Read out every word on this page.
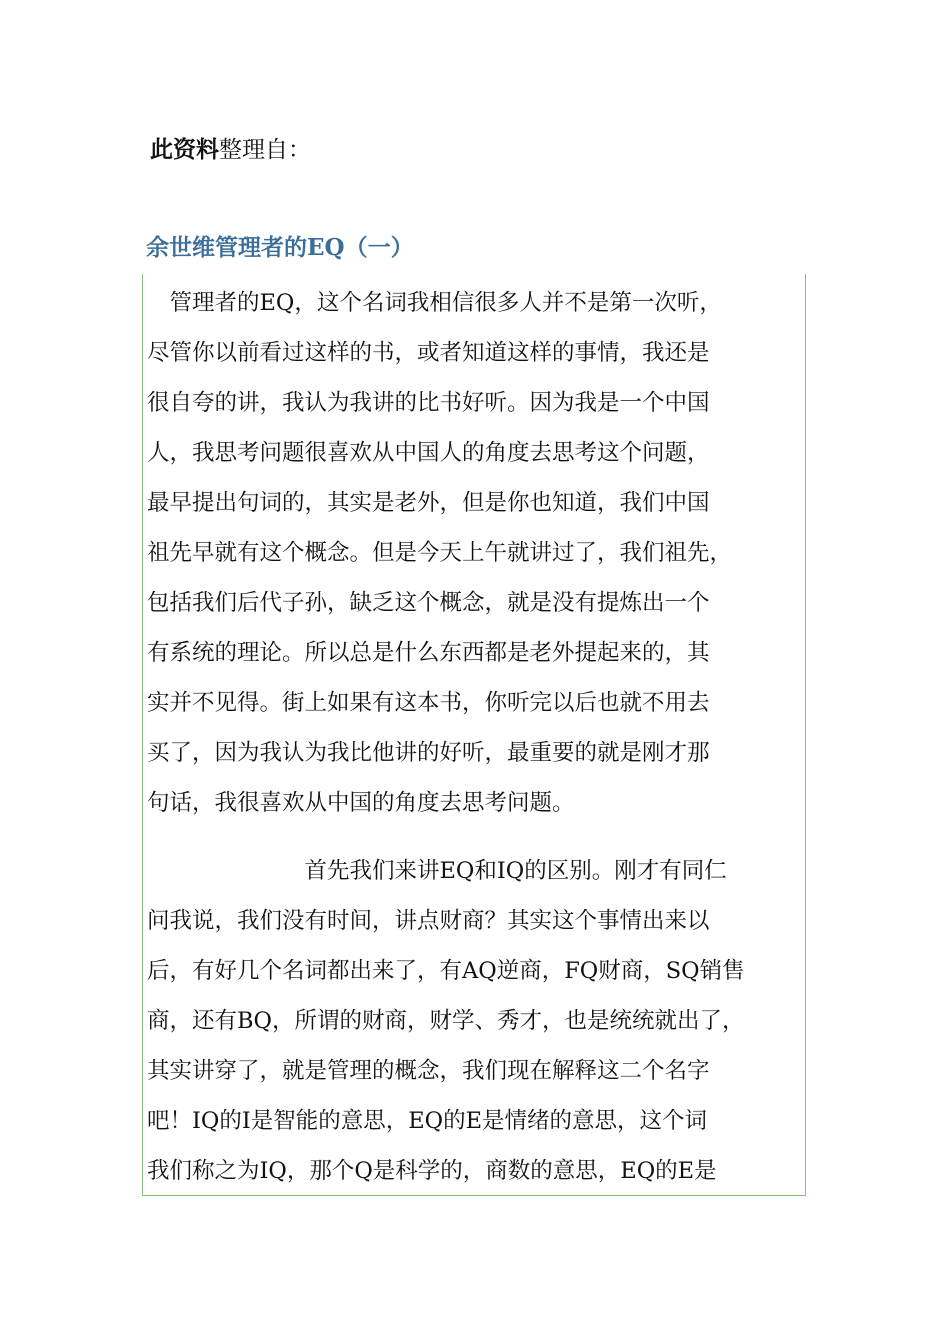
此资料整理自：
余世维管理者的EQ（一）
　管理者的EQ，这个名词我相信很多人并不是第一次听，
尽管你以前看过这样的书，或者知道这样的事情，我还是
很自夸的讲，我认为我讲的比书好听。因为我是一个中国
人，我思考问题很喜欢从中国人的角度去思考这个问题，
最早提出句词的，其实是老外，但是你也知道，我们中国
祖先早就有这个概念。但是今天上午就讲过了，我们祖先，
包括我们后代子孙，缺乏这个概念，就是没有提炼出一个
有系统的理论。所以总是什么东西都是老外提起来的，其
实并不见得。街上如果有这本书，你听完以后也就不用去
买了，因为我认为我比他讲的好听，最重要的就是刚才那
句话，我很喜欢从中国的角度去思考问题。
　　　　　　　首先我们来讲EQ和IQ的区别。刚才有同仁
问我说，我们没有时间，讲点财商？其实这个事情出来以
后，有好几个名词都出来了，有AQ逆商，FQ财商，SQ销售
商，还有BQ，所谓的财商，财学、秀才，也是统统就出了，
其实讲穿了，就是管理的概念，我们现在解释这二个名字
吧！IQ的I是智能的意思，EQ的E是情绪的意思，这个词
我们称之为IQ，那个Q是科学的，商数的意思，EQ的E是
